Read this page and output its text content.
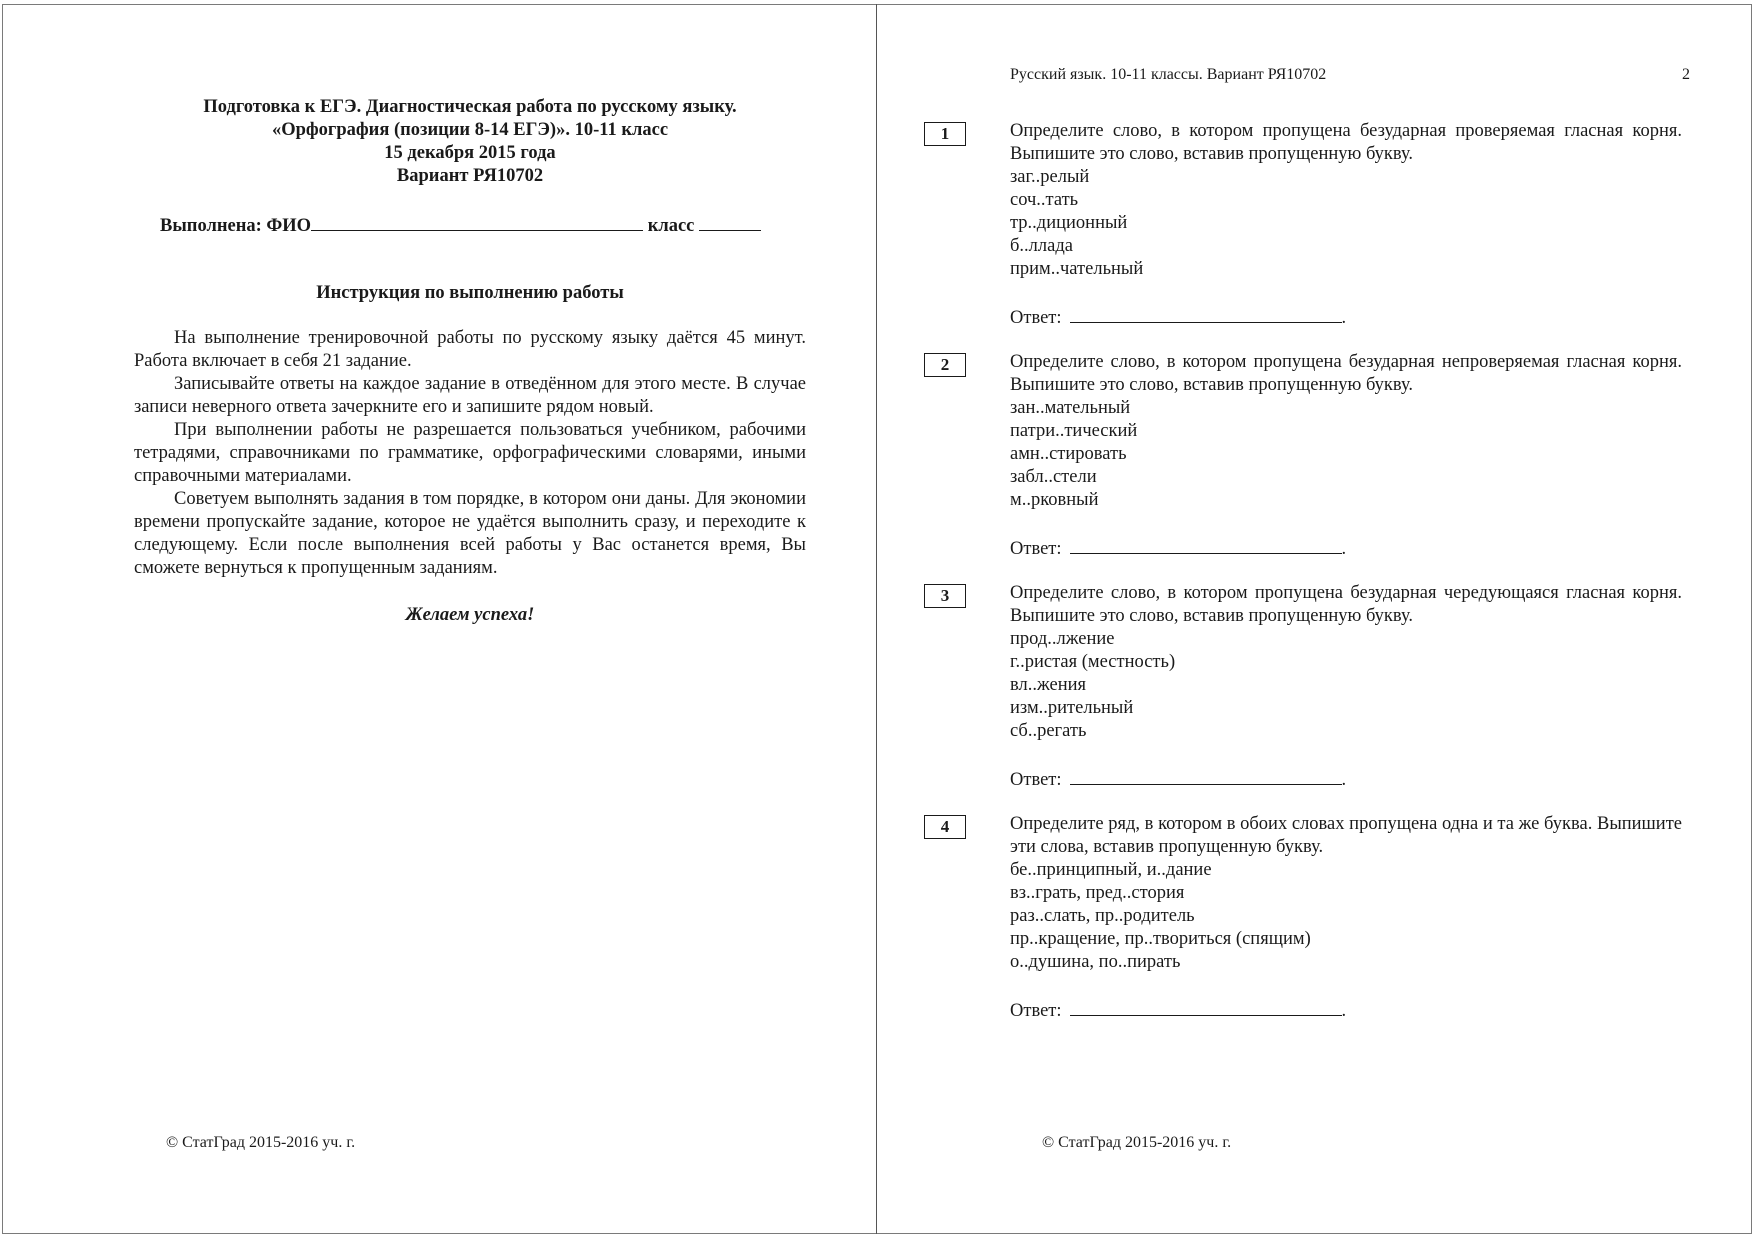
Подготовка к ЕГЭ. Диагностическая работа по русскому языку.
«Орфография (позиции 8-14 ЕГЭ)». 10-11 класс
15 декабря 2015 года
Вариант РЯ10702
Выполнена: ФИО	класс
Инструкция по выполнению работы

На выполнение тренировочной работы по русскому языку даётся 45 минут. Работа включает в себя 21 задание.

Записывайте ответы на каждое задание в отведённом для этого месте. В случае записи неверного ответа зачеркните его и запишите рядом новый.

При выполнении работы не разрешается пользоваться учебником, рабочими тетрадями, справочниками по грамматике, орфографическими словарями, иными справочными материалами.

Советуем выполнять задания в том порядке, в котором они даны. Для экономии времени пропускайте задание, которое не удаётся выполнить сразу, и переходите к следующему. Если после выполнения всей работы у Вас останется время, Вы сможете вернуться к пропущенным заданиям.

Желаем успеха!
© СтатГрад 2015-2016 уч. г.
Русский язык. 10-11 классы. Вариант РЯ10702	2
1	Определите слово, в котором пропущена безударная проверяемая гласная корня. Выпишите это слово, вставив пропущенную букву.

заг..релый
соч..тать
тр..диционный
б..ллада
прим..чательный
Ответ:	.
2	Определите слово, в котором пропущена безударная непроверяемая гласная корня. Выпишите это слово, вставив пропущенную букву.

зан..мательный
патри..тический
амн..стировать
забл..стели
м..рковный
Ответ:	.
3	Определите слово, в котором пропущена безударная чередующаяся гласная корня. Выпишите это слово, вставив пропущенную букву.

прод..лжение
г..ристая (местность)
вл..жения
изм..рительный
сб..регать
Ответ:	.
4	Определите ряд, в котором в обоих словах пропущена одна и та же буква. Выпишите эти слова, вставив пропущенную букву.

бе..принципный, и..дание
вз..грать, пред..стория
раз..слать, пр..родитель
пр..кращение, пр..твориться (спящим)
о..душина, по..пирать
Ответ:	.
© СтатГрад 2015-2016 уч. г.
